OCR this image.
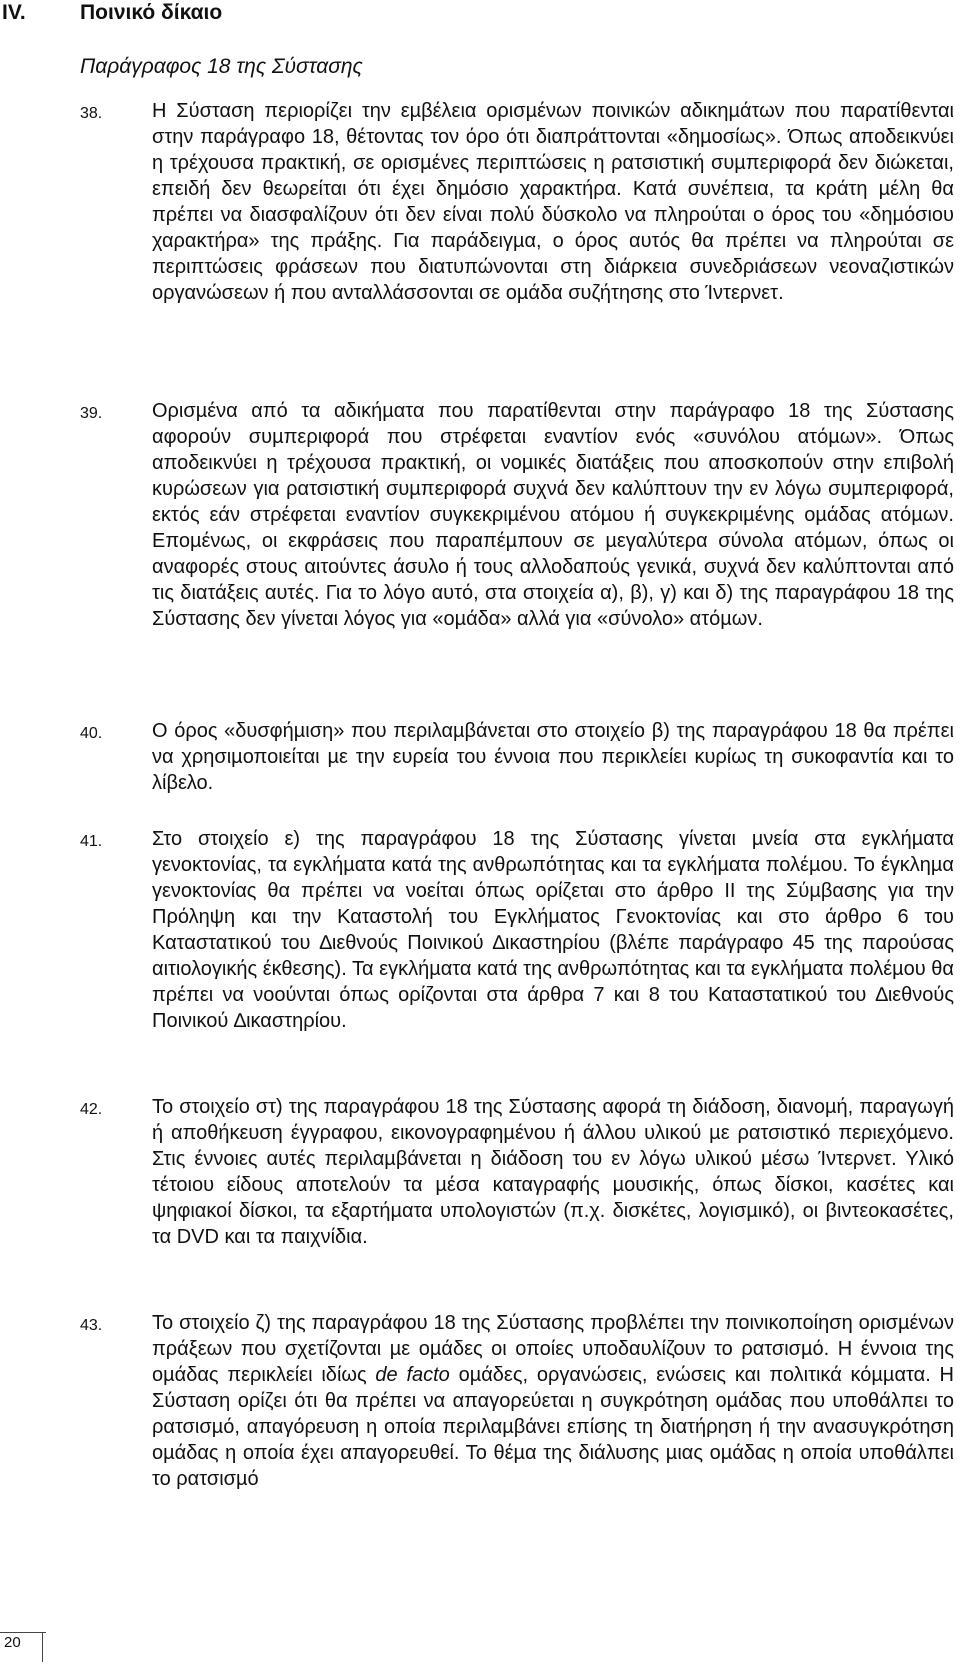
IV.	Ποινικό δίκαιο
Παράγραφος 18 της Σύστασης
38. Η Σύσταση περιορίζει την εµβέλεια ορισµένων ποινικών αδικηµάτων που παρατίθενται στην παράγραφο 18, θέτοντας τον όρο ότι διαπράττονται «δηµοσίως». Όπως αποδεικνύει η τρέχουσα πρακτική, σε ορισµένες περιπτώσεις η ρατσιστική συµπεριφορά δεν διώκεται, επειδή δεν θεωρείται ότι έχει δηµόσιο χαρακτήρα. Κατά συνέπεια, τα κράτη µέλη θα πρέπει να διασφαλίζουν ότι δεν είναι πολύ δύσκολο να πληρούται ο όρος του «δηµόσιου χαρακτήρα» της πράξης. Για παράδειγµα, ο όρος αυτός θα πρέπει να πληρούται σε περιπτώσεις φράσεων που διατυπώνονται στη διάρκεια συνεδριάσεων νεοναζιστικών οργανώσεων ή που ανταλλάσσονται σε οµάδα συζήτησης στο Ίντερνετ.

39. Ορισµένα από τα αδικήµατα που παρατίθενται στην παράγραφο 18 της Σύστασης αφορούν συµπεριφορά που στρέφεται εναντίον ενός «συνόλου ατόµων». Όπως αποδεικνύει η τρέχουσα πρακτική, οι νοµικές διατάξεις που αποσκοπούν στην επιβολή κυρώσεων για ρατσιστική συµπεριφορά συχνά δεν καλύπτουν την εν λόγω συµπεριφορά, εκτός εάν στρέφεται εναντίον συγκεκριµένου ατόµου ή συγκεκριµένης οµάδας ατόµων. Εποµένως, οι εκφράσεις που παραπέµπουν σε µεγαλύτερα σύνολα ατόµων, όπως οι αναφορές στους αιτούντες άσυλο ή τους αλλοδαπούς γενικά, συχνά δεν καλύπτονται από τις διατάξεις αυτές. Για το λόγο αυτό, στα στοιχεία α), β), γ) και δ) της παραγράφου 18 της Σύστασης δεν γίνεται λόγος για «οµάδα» αλλά για «σύνολο» ατόµων.

40. Ο όρος «δυσφήµιση» που περιλαµβάνεται στο στοιχείο β) της παραγράφου 18 θα πρέπει να χρησιµοποιείται µε την ευρεία του έννοια που περικλείει κυρίως τη συκοφαντία και το λίβελο.

41. Στο στοιχείο ε) της παραγράφου 18 της Σύστασης γίνεται µνεία στα εγκλήµατα γενοκτονίας, τα εγκλήµατα κατά της ανθρωπότητας και τα εγκλήµατα πολέµου. Το έγκληµα γενοκτονίας θα πρέπει να νοείται όπως ορίζεται στο άρθρο ΙΙ της Σύµβασης για την Πρόληψη και την Καταστολή του Εγκλήµατος Γενοκτονίας και στο άρθρο 6 του Καταστατικού του ∆ιεθνούς Ποινικού ∆ικαστηρίου (βλέπε παράγραφο 45 της παρούσας αιτιολογικής έκθεσης). Τα εγκλήµατα κατά της ανθρωπότητας και τα εγκλήµατα πολέµου θα πρέπει να νοούνται όπως ορίζονται στα άρθρα 7 και 8 του Καταστατικού του ∆ιεθνούς Ποινικού ∆ικαστηρίου.

42. Το στοιχείο στ) της παραγράφου 18 της Σύστασης αφορά τη διάδοση, διανοµή, παραγωγή ή αποθήκευση έγγραφου, εικονογραφηµένου ή άλλου υλικού µε ρατσιστικό περιεχόµενο. Στις έννοιες αυτές περιλαµβάνεται η διάδοση του εν λόγω υλικού µέσω Ίντερνετ. Υλικό τέτοιου είδους αποτελούν τα µέσα καταγραφής µουσικής, όπως δίσκοι, κασέτες και ψηφιακοί δίσκοι, τα εξαρτήµατα υπολογιστών (π.χ. δισκέτες, λογισµικό), οι βιντεοκασέτες, τα DVD και τα παιχνίδια.

43. Το στοιχείο ζ) της παραγράφου 18 της Σύστασης προβλέπει την ποινικοποίηση ορισµένων πράξεων που σχετίζονται µε οµάδες οι οποίες υποδαυλίζουν το ρατσισµό. Η έννοια της οµάδας περικλείει ιδίως de facto οµάδες, οργανώσεις, ενώσεις και πολιτικά κόµµατα. Η Σύσταση ορίζει ότι θα πρέπει να απαγορεύεται η συγκρότηση οµάδας που υποθάλπει το ρατσισµό, απαγόρευση η οποία περιλαµβάνει επίσης τη διατήρηση ή την ανασυγκρότηση οµάδας η οποία έχει απαγορευθεί. Το θέµα της διάλυσης µιας οµάδας η οποία υποθάλπει το ρατσισµό

20
